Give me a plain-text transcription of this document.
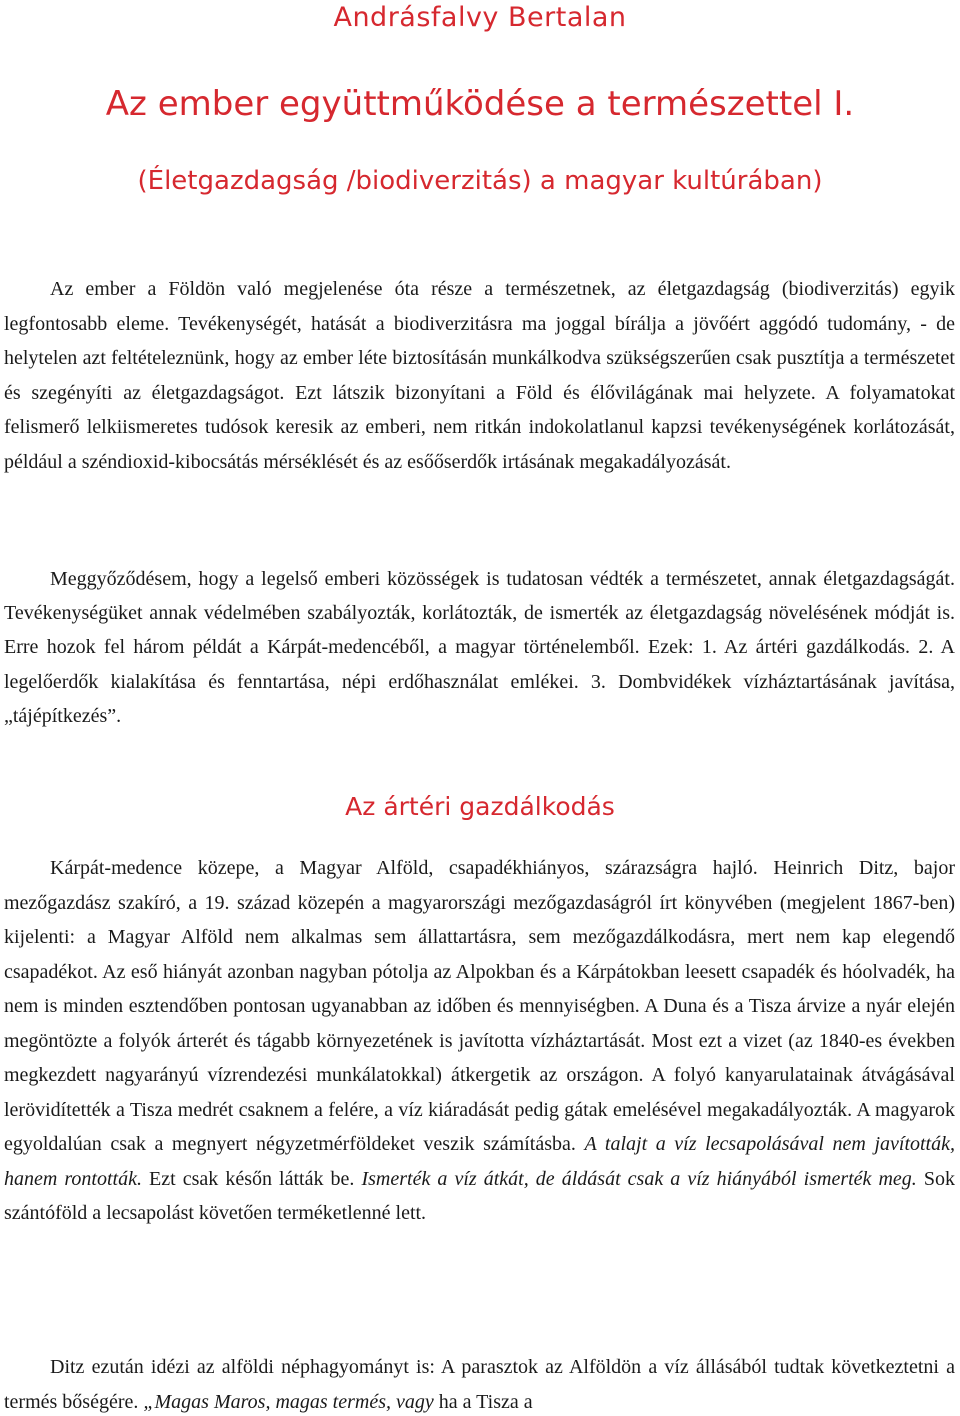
Andrásfalvy Bertalan
Az ember együttműködése a természettel I.
(Életgazdagság /biodiverzitás) a magyar kultúrában)

Az ember a Földön való megjelenése óta része a természetnek, az életgazdagság (biodiverzitás) egyik legfontosabb eleme. Tevékenységét, hatását a biodiverzitásra ma joggal bírálja a jövőért aggódó tudomány, - de helytelen azt feltételeznünk, hogy az ember léte biztosításán munkálkodva szükségszerűen csak pusztítja a természetet és szegényíti az életgazdagságot. Ezt látszik bizonyítani a Föld és élővilágának mai helyzete. A folyamatokat felismerő lelkiismeretes tudósok keresik az emberi, nem ritkán indokolatlanul kapzsi tevékenységének korlátozását, például a széndioxid-kibocsátás mérséklését és az esőőserdők irtásának megakadályozását.

Meggyőződésem, hogy a legelső emberi közösségek is tudatosan védték a természetet, annak életgazdagságát. Tevékenységüket annak védelmében szabályozták, korlátozták, de ismerték az életgazdagság növelésének módját is. Erre hozok fel három példát a Kárpát-medencéből, a magyar történelemből. Ezek: 1. Az ártéri gazdálkodás. 2. A legelőerdők kialakítása és fenntartása, népi erdőhasználat emlékei. 3. Dombvidékek vízháztartásának javítása, „tájépítkezés”.

Az ártéri gazdálkodás

Kárpát-medence közepe, a Magyar Alföld, csapadékhiányos, szárazságra hajló. Heinrich Ditz, bajor mezőgazdász szakíró, a 19. század közepén a magyarországi mezőgazdaságról írt könyvében (megjelent 1867-ben) kijelenti: a Magyar Alföld nem alkalmas sem állattartásra, sem mezőgazdálkodásra, mert nem kap elegendő csapadékot. Az eső hiányát azonban nagyban pótolja az Alpokban és a Kárpátokban leesett csapadék és hóolvadék, ha nem is minden esztendőben pontosan ugyanabban az időben és mennyiségben. A Duna és a Tisza árvize a nyár elején megöntözte a folyók árterét és tágabb környezetének is javította vízháztartását. Most ezt a vizet (az 1840-es években megkezdett nagyarányú vízrendezési munkálatokkal) átkergetik az országon. A folyó kanyarulatainak átvágásával lerövidítették a Tisza medrét csaknem a felére, a víz kiáradását pedig gátak emelésével megakadályozták. A magyarok egyoldalúan csak a megnyert négyzetmérföldeket veszik számításba. A talajt a víz lecsapolásával nem javították, hanem rontották. Ezt csak későn látták be. Ismerték a víz átkát, de áldását csak a víz hiányából ismerték meg. Sok szántóföld a lecsapolást követően terméketlenné lett.

Ditz ezután idézi az alföldi néphagyományt is: A parasztok az Alföldön a víz állásából tudtak következtetni a termés bőségére. „Magas Maros, magas termés, vagy ha a Tisza a
